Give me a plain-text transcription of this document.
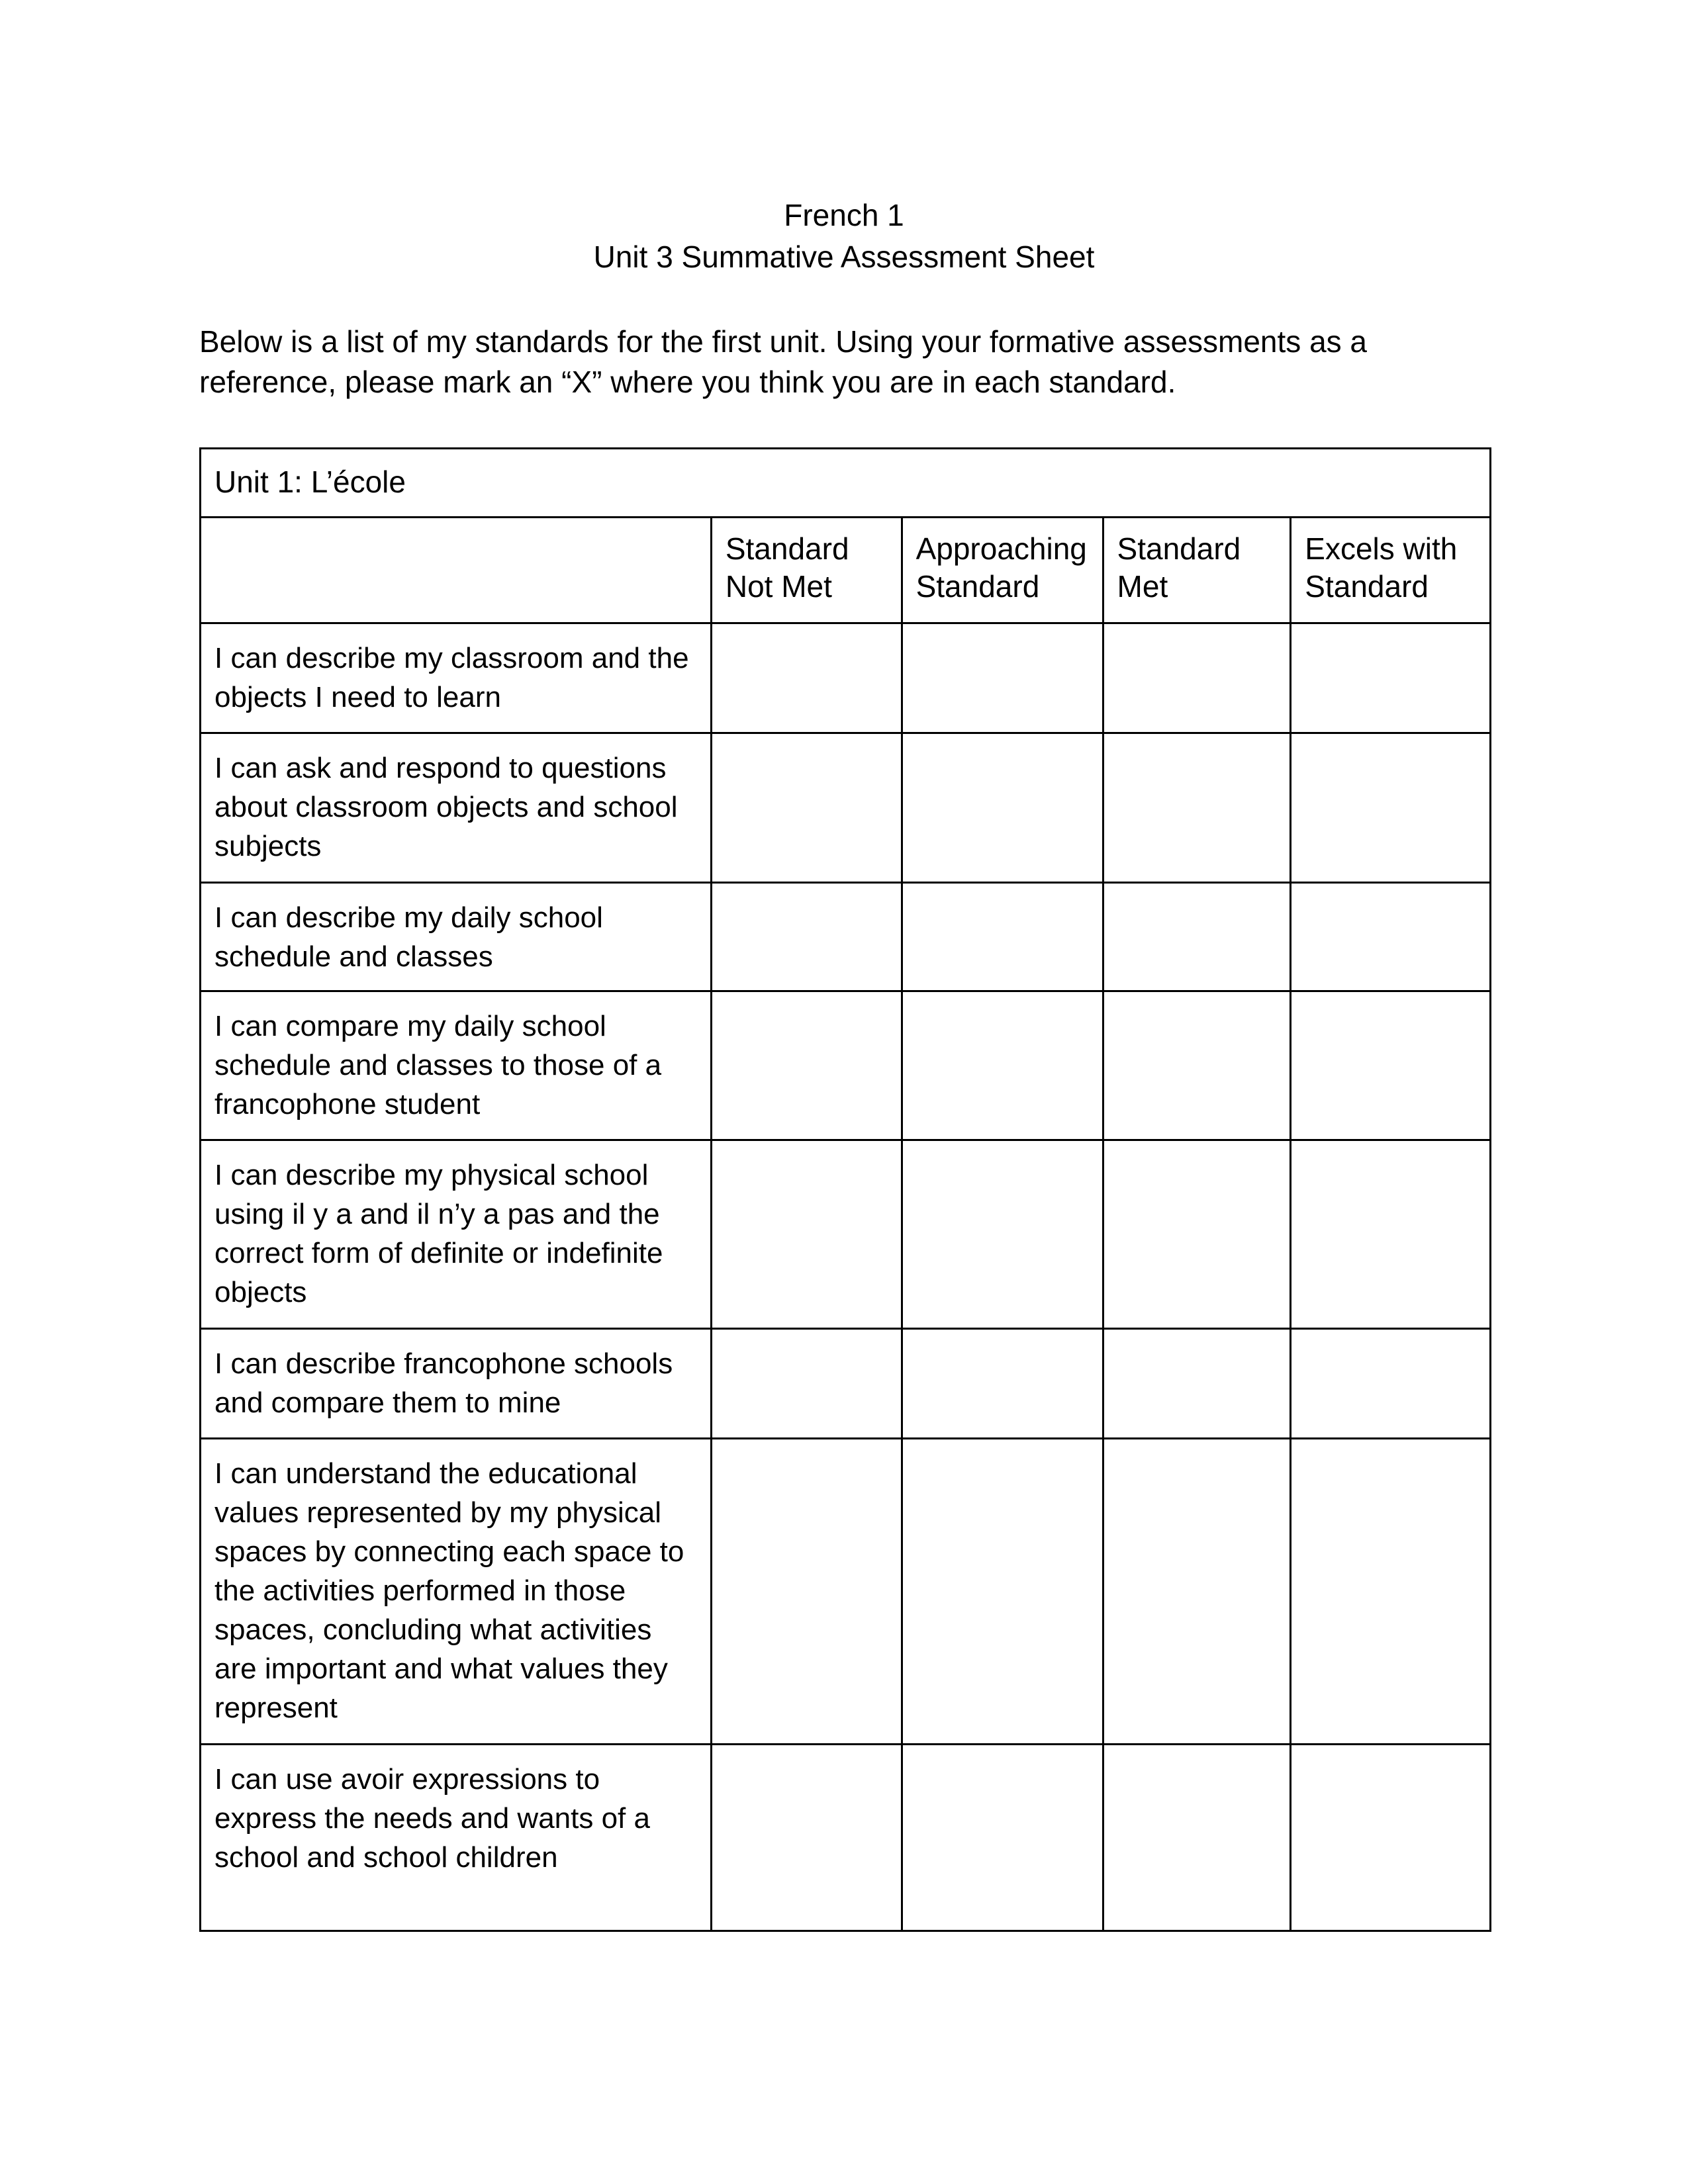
French 1
Unit 3 Summative Assessment Sheet
Below is a list of my standards for the first unit. Using your formative assessments as a reference, please mark an “X” where you think you are in each standard.
Unit 1: L’école				
	Standard Not Met	Approaching Standard	Standard Met	Excels with Standard
I can describe my classroom and the objects I need to learn				
I can ask and respond to questions about classroom objects and school subjects				
I can describe my daily school schedule and classes				
I can compare my daily school schedule and classes to those of a francophone student				
I can describe my physical school using il y a and il n’y a pas and the correct form of definite or indefinite objects				
I can describe francophone schools and compare them to mine				
I can understand the educational values represented by my physical spaces by connecting each space to the activities performed in those spaces, concluding what activities are important and what values they represent				
I can use avoir expressions to express the needs and wants of a school and school children				
